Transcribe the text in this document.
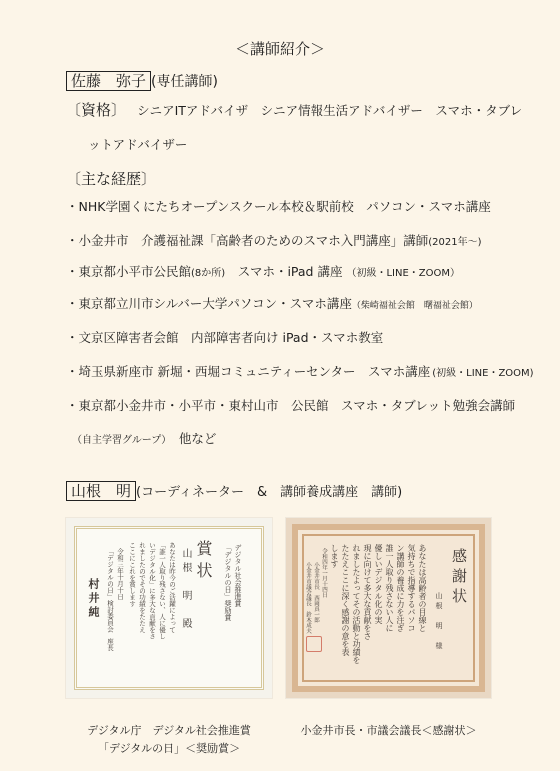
＜講師紹介＞
佐藤　弥子 (専任講師)
〔資格〕 シニアITアドバイザ　シニア情報生活アドバイザー　スマホ・タブレ
ットアドバイザー
〔主な経歴〕
・NHK学園くにたちオープンスクール本校＆駅前校　パソコン・スマホ講座
・小金井市　介護福祉課「高齢者のためのスマホ入門講座」講師(2021年～)
・東京都小平市公民館(8か所)　スマホ・iPad 講座 （初級・LINE・ZOOM）
・東京都立川市シルバー大学パソコン・スマホ講座（柴崎福祉会館　曙福祉会館）
・文京区障害者会館　内部障害者向け iPad・スマホ教室
・埼玉県新座市 新堀・西堀コミュニティーセンター　スマホ講座 (初級・LINE・ZOOM)
・東京都小金井市・小平市・東村山市　公民館　スマホ・タブレット勉強会講師
（自主学習グループ）　他など
山根　明 (コーディネーター　&　講師養成講座　講師)
デジタル社会推進賞
「デジタルの日」奨励賞
賞状
山根　明　殿
あなたは昨今のご活躍によって
「誰一人取り残さない、人に優し
いデジタル化」に多大な貢献をさ
れましたのでその功績をたたえ
ここにこれを賞します
令和三年十月十日
「デジタルの日」検討委員会
座長
村井純	感謝状
山根　明　様
あなたは高齢者の目線と
気持ちで指導するパソコ
ン講師の養成に力を注ぎ
誰一人取り残さない人に
優しいデジタル化の実
現に向けて多大な貢献をさ
れましたよってその活動と功績を
たたえここに深く感謝の意を表
します
令和四年一月十四日
小金井市長　西岡真一郎
小金井市議会議長　鈴木成夫
デジタル庁　デジタル社会推進賞
「デジタルの日」＜奨励賞＞
小金井市長・市議会議長＜感謝状＞
